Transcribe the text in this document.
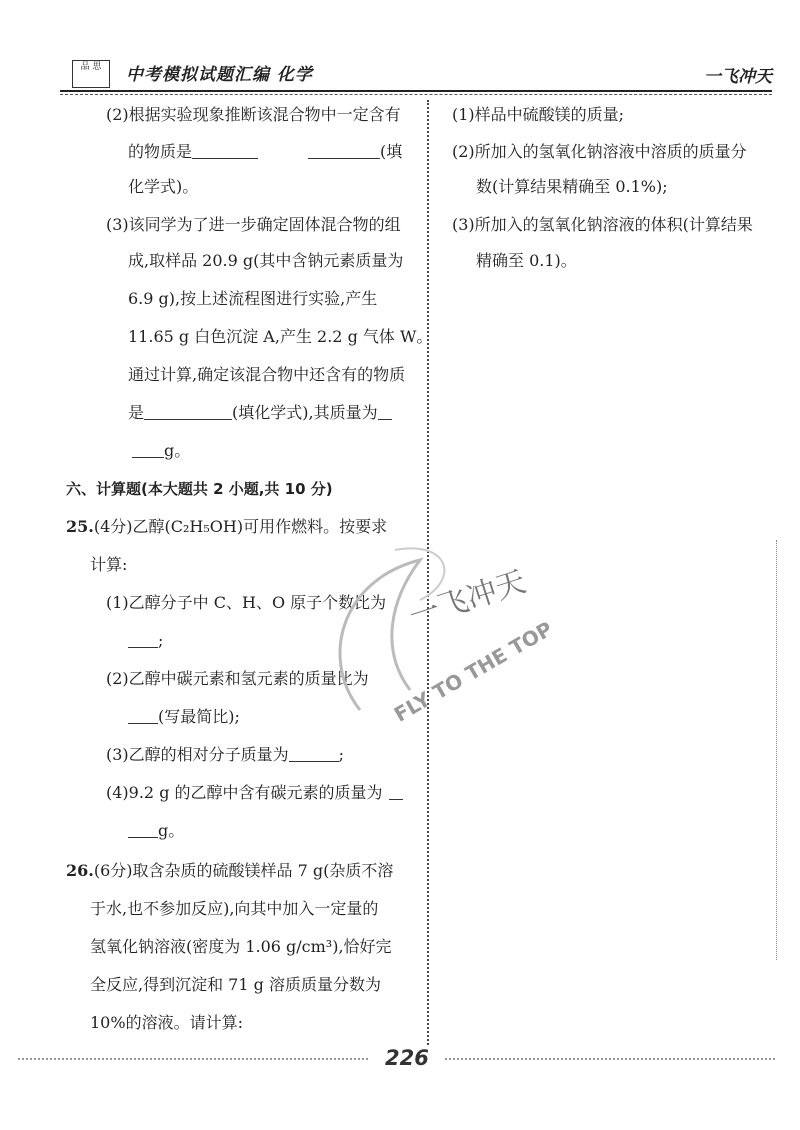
品 思	中考模拟试题汇编 化学	一飞冲天
(2)根据实验现象推断该混合物中一定含有
的物质是	(填
化学式)。
(3)该同学为了进一步确定固体混合物的组
成,取样品 20.9 g(其中含钠元素质量为
6.9 g),按上述流程图进行实验,产生
11.65 g 白色沉淀 A,产生 2.2 g 气体 W。
通过计算,确定该混合物中还含有的物质
是	(填化学式),其质量为
g。
六、计算题(本大题共 2 小题,共 10 分)
25.(4分)乙醇(C₂H₅OH)可用作燃料。按要求
计算:
(1)乙醇分子中 C、H、O 原子个数比为
;
(2)乙醇中碳元素和氢元素的质量比为
(写最简比);
(3)乙醇的相对分子质量为	;
(4)9.2 g 的乙醇中含有碳元素的质量为
g。
26.(6分)取含杂质的硫酸镁样品 7 g(杂质不溶
于水,也不参加反应),向其中加入一定量的
氢氧化钠溶液(密度为 1.06 g/cm³),恰好完
全反应,得到沉淀和 71 g 溶质质量分数为
10%的溶液。请计算:
(1)样品中硫酸镁的质量;
(2)所加入的氢氧化钠溶液中溶质的质量分
数(计算结果精确至 0.1%);
(3)所加入的氢氧化钠溶液的体积(计算结果
精确至 0.1)。
一飞冲天
FLY TO THE TOP
226
